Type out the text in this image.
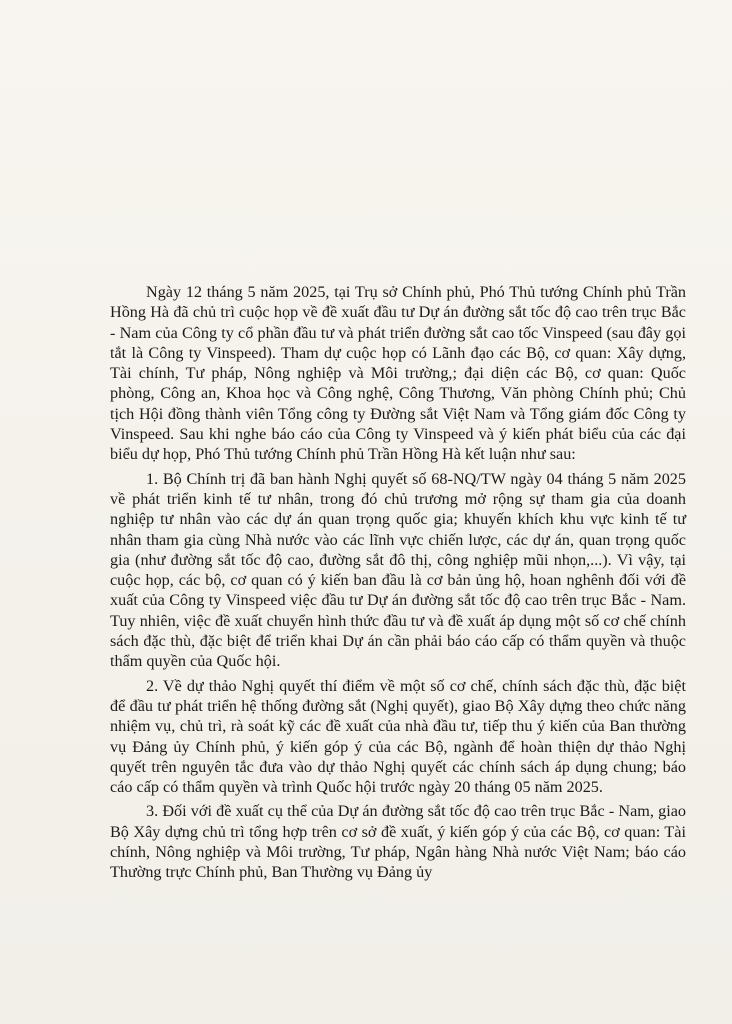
Ngày 12 tháng 5 năm 2025, tại Trụ sở Chính phủ, Phó Thủ tướng Chính phủ Trần Hồng Hà đã chủ trì cuộc họp về đề xuất đầu tư Dự án đường sắt tốc độ cao trên trục Bắc - Nam của Công ty cổ phần đầu tư và phát triển đường sắt cao tốc Vinspeed (sau đây gọi tắt là Công ty Vinspeed). Tham dự cuộc họp có Lãnh đạo các Bộ, cơ quan: Xây dựng, Tài chính, Tư pháp, Nông nghiệp và Môi trường,; đại diện các Bộ, cơ quan: Quốc phòng, Công an, Khoa học và Công nghệ, Công Thương, Văn phòng Chính phủ; Chủ tịch Hội đồng thành viên Tổng công ty Đường sắt Việt Nam và Tổng giám đốc Công ty Vinspeed. Sau khi nghe báo cáo của Công ty Vinspeed và ý kiến phát biểu của các đại biểu dự họp, Phó Thủ tướng Chính phủ Trần Hồng Hà kết luận như sau:

1. Bộ Chính trị đã ban hành Nghị quyết số 68-NQ/TW ngày 04 tháng 5 năm 2025 về phát triển kinh tế tư nhân, trong đó chủ trương mở rộng sự tham gia của doanh nghiệp tư nhân vào các dự án quan trọng quốc gia; khuyến khích khu vực kinh tế tư nhân tham gia cùng Nhà nước vào các lĩnh vực chiến lược, các dự án, quan trọng quốc gia (như đường sắt tốc độ cao, đường sắt đô thị, công nghiệp mũi nhọn,...). Vì vậy, tại cuộc họp, các bộ, cơ quan có ý kiến ban đầu là cơ bản ủng hộ, hoan nghênh đối với đề xuất của Công ty Vinspeed việc đầu tư Dự án đường sắt tốc độ cao trên trục Bắc - Nam. Tuy nhiên, việc đề xuất chuyển hình thức đầu tư và đề xuất áp dụng một số cơ chế chính sách đặc thù, đặc biệt để triển khai Dự án cần phải báo cáo cấp có thẩm quyền và thuộc thẩm quyền của Quốc hội.

2. Về dự thảo Nghị quyết thí điểm về một số cơ chế, chính sách đặc thù, đặc biệt để đầu tư phát triển hệ thống đường sắt (Nghị quyết), giao Bộ Xây dựng theo chức năng nhiệm vụ, chủ trì, rà soát kỹ các đề xuất của nhà đầu tư, tiếp thu ý kiến của Ban thường vụ Đảng ủy Chính phủ, ý kiến góp ý của các Bộ, ngành để hoàn thiện dự thảo Nghị quyết trên nguyên tắc đưa vào dự thảo Nghị quyết các chính sách áp dụng chung; báo cáo cấp có thẩm quyền và trình Quốc hội trước ngày 20 tháng 05 năm 2025.

3. Đối với đề xuất cụ thể của Dự án đường sắt tốc độ cao trên trục Bắc - Nam, giao Bộ Xây dựng chủ trì tổng hợp trên cơ sở đề xuất, ý kiến góp ý của các Bộ, cơ quan: Tài chính, Nông nghiệp và Môi trường, Tư pháp, Ngân hàng Nhà nước Việt Nam; báo cáo Thường trực Chính phủ, Ban Thường vụ Đảng ủy
